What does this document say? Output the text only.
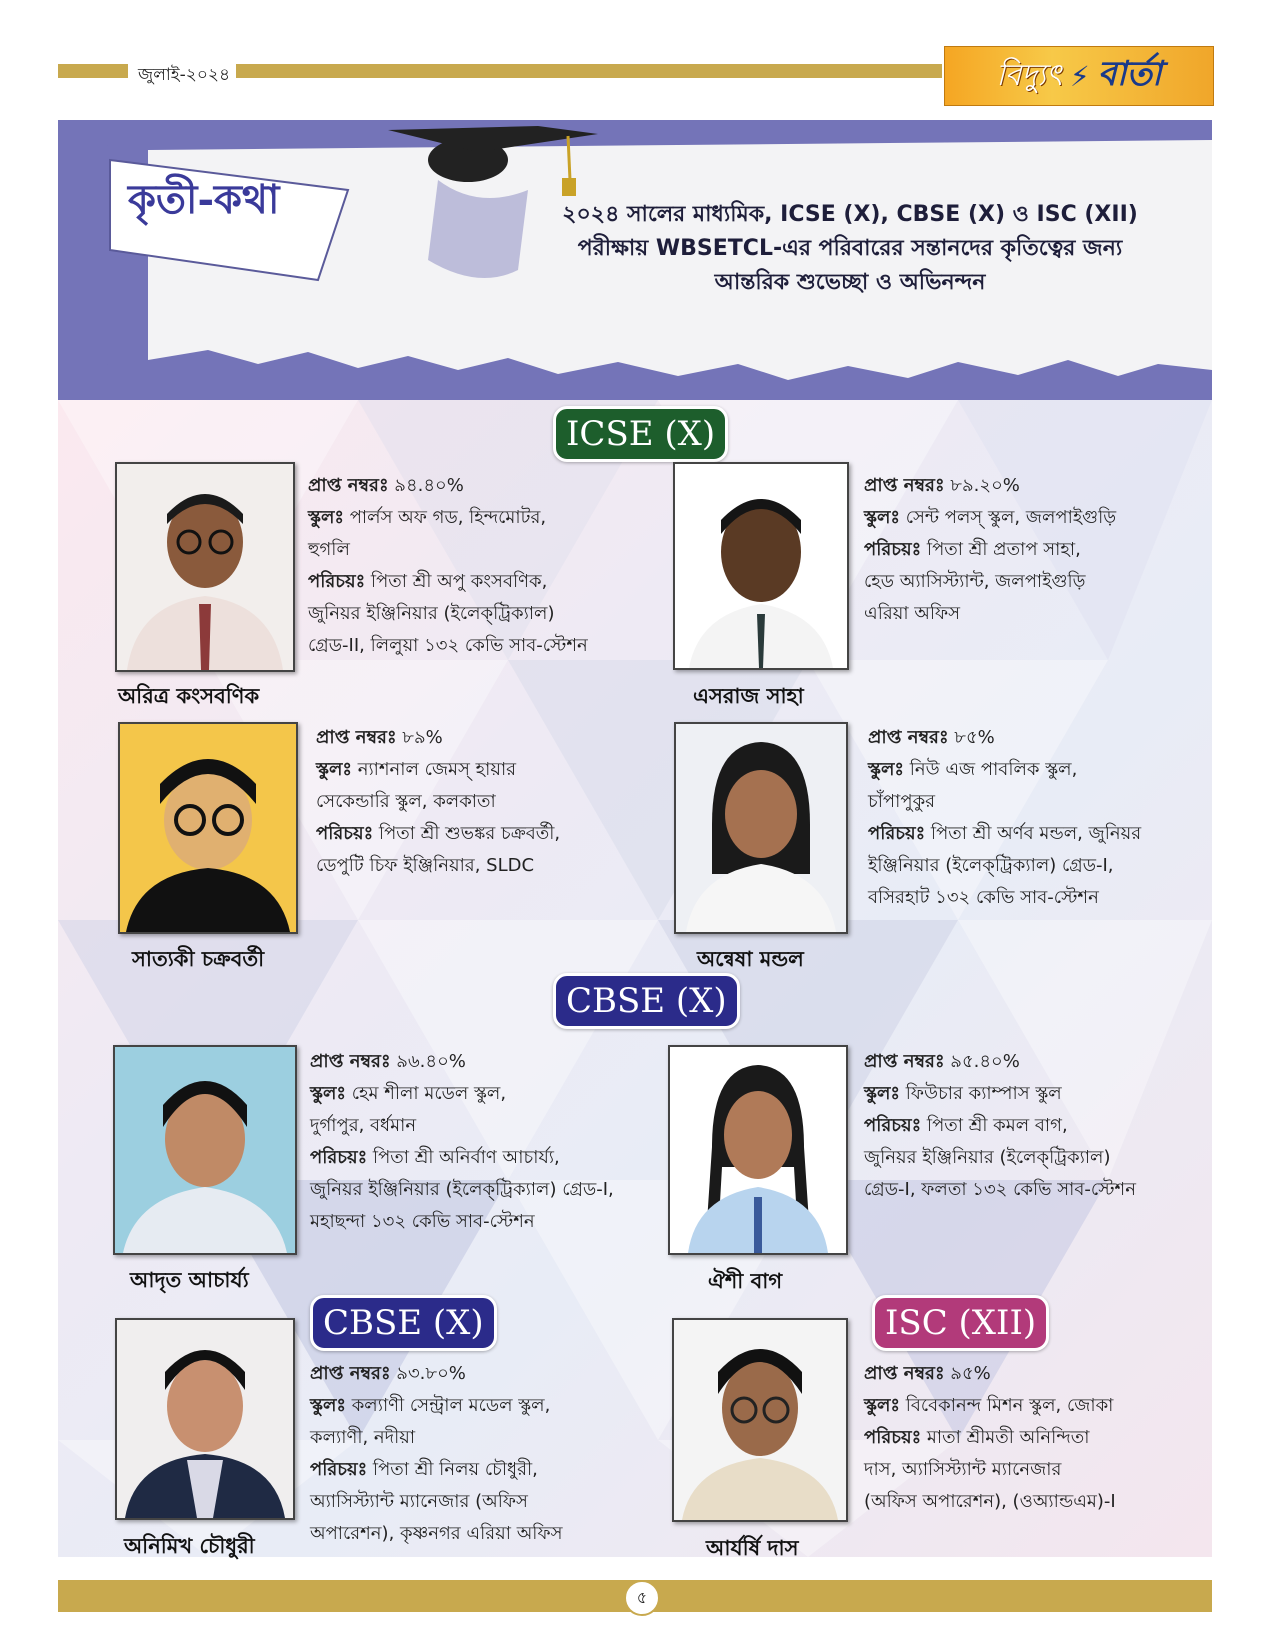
জুলাই-২০২৪	বিদ্যুৎ ⚡ বার্তা
কৃতী-কথা	২০২৪ সালের মাধ্যমিক, ICSE (X), CBSE (X) ও ISC (XII)
পরীক্ষায় WBSETCL-এর পরিবারের সন্তানদের কৃতিত্বের জন্য
আন্তরিক শুভেচ্ছা ও অভিনন্দন
ICSE (X)
CBSE (X)
CBSE (X)	ISC (XII)
অরিত্র কংসবণিক
প্রাপ্ত নম্বরঃ ৯৪.৪০%
স্কুলঃ পার্লস অফ গড, হিন্দমোটর,
হুগলি
পরিচয়ঃ পিতা শ্রী অপু কংসবণিক,
জুনিয়র ইঞ্জিনিয়ার (ইলেক্‌ট্রিক্যাল)
গ্রেড-II, লিলুয়া ১৩২ কেভি সাব-স্টেশন
এসরাজ সাহা
প্রাপ্ত নম্বরঃ ৮৯.২০%
স্কুলঃ সেন্ট পলস্ স্কুল, জলপাইগুড়ি
পরিচয়ঃ পিতা শ্রী প্রতাপ সাহা,
হেড অ্যাসিস্ট্যান্ট, জলপাইগুড়ি
এরিয়া অফিস
সাত্যকী চক্রবর্তী
প্রাপ্ত নম্বরঃ ৮৯%
স্কুলঃ ন্যাশনাল জেমস্ হায়ার
সেকেন্ডারি স্কুল, কলকাতা
পরিচয়ঃ পিতা শ্রী শুভঙ্কর চক্রবর্তী,
ডেপুটি চিফ ইঞ্জিনিয়ার, SLDC
অন্বেষা মন্ডল
প্রাপ্ত নম্বরঃ ৮৫%
স্কুলঃ নিউ এজ পাবলিক স্কুল,
চাঁপাপুকুর
পরিচয়ঃ পিতা শ্রী অর্ণব মন্ডল, জুনিয়র
ইঞ্জিনিয়ার (ইলেক্‌ট্রিক্যাল) গ্রেড-I,
বসিরহাট ১৩২ কেভি সাব-স্টেশন
আদৃত আচার্য্য
প্রাপ্ত নম্বরঃ ৯৬.৪০%
স্কুলঃ হেম শীলা মডেল স্কুল,
দুর্গাপুর, বর্ধমান
পরিচয়ঃ পিতা শ্রী অনির্বাণ আচার্য্য,
জুনিয়র ইঞ্জিনিয়ার (ইলেক্‌ট্রিক্যাল) গ্রেড-I,
মহাছন্দা ১৩২ কেভি সাব-স্টেশন
ঐশী বাগ
প্রাপ্ত নম্বরঃ ৯৫.৪০%
স্কুলঃ ফিউচার ক্যাম্পাস স্কুল
পরিচয়ঃ পিতা শ্রী কমল বাগ,
জুনিয়র ইঞ্জিনিয়ার (ইলেক্‌ট্রিক্যাল)
গ্রেড-I, ফলতা ১৩২ কেভি সাব-স্টেশন
অনিমিখ চৌধুরী
প্রাপ্ত নম্বরঃ ৯৩.৮০%
স্কুলঃ কল্যাণী সেন্ট্রাল মডেল স্কুল,
কল্যাণী, নদীয়া
পরিচয়ঃ পিতা শ্রী নিলয় চৌধুরী,
অ্যাসিস্ট্যান্ট ম্যানেজার (অফিস
অপারেশন), কৃষ্ণনগর এরিয়া অফিস
আর্যর্ষি দাস
প্রাপ্ত নম্বরঃ ৯৫%
স্কুলঃ বিবেকানন্দ মিশন স্কুল, জোকা
পরিচয়ঃ মাতা শ্রীমতী অনিন্দিতা
দাস, অ্যাসিস্ট্যান্ট ম্যানেজার
(অফিস অপারেশন), (ওঅ্যান্ডএম)-I
৫
